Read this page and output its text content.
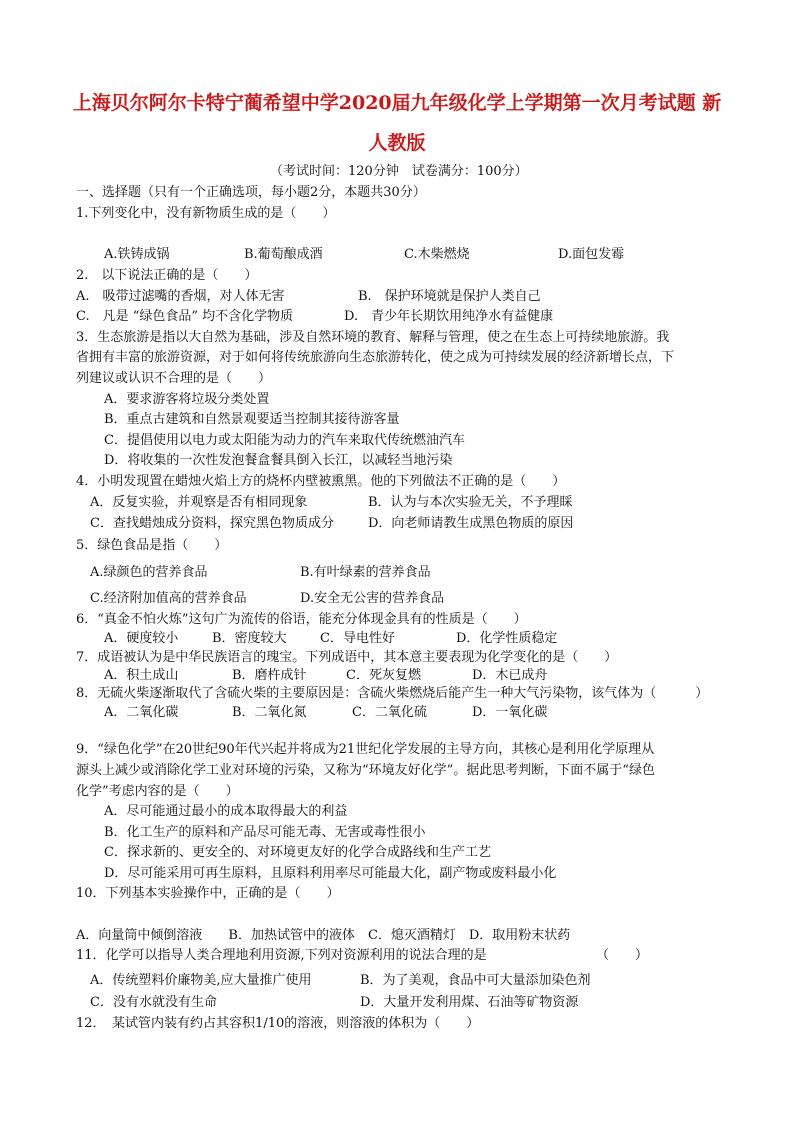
上海贝尔阿尔卡特宁蔺希望中学2020届九年级化学上学期第一次月考试题 新
人教版
（考试时间：120分钟　试卷满分：100分）
一、选择题（只有一个正确选项，每小题2分，本题共30分）
1.下列变化中，没有新物质生成的是（　　）
A.铁铸成锅	B.葡萄酿成酒	C.木柴燃烧	D.面包发霉
2.　以下说法正确的是（　　）
A.　吸带过滤嘴的香烟，对人体无害	B.　保护环境就是保护人类自己
C.　凡是 “绿色食品” 均不含化学物质	D.　青少年长期饮用纯净水有益健康
3．生态旅游是指以大自然为基础，涉及自然环境的教育、解释与管理，使之在生态上可持续地旅游。我
省拥有丰富的旅游资源，对于如何将传统旅游向生态旅游转化，使之成为可持续发展的经济新增长点，下
列建议或认识不合理的是（　　）
A．要求游客将垃圾分类处置
B．重点古建筑和自然景观要适当控制其接待游客量
C．提倡使用以电力或太阳能为动力的汽车来取代传统燃油汽车
D．将收集的一次性发泡餐盒餐具倒入长江，以减轻当地污染
4．小明发现置在蜡烛火焰上方的烧杯内壁被熏黑。他的下列做法不正确的是（　　）
A．反复实验，并观察是否有相同现象	B．认为与本次实验无关，不予理睬
C．查找蜡烛成分资料，探究黑色物质成分	D．向老师请教生成黑色物质的原因
5．绿色食品是指（　　）
A.绿颜色的营养食品	B.有叶绿素的营养食品
C.经济附加值高的营养食品	D.安全无公害的营养食品
6．“真金不怕火炼”这句广为流传的俗语，能充分体现金具有的性质是（　　）
A．硬度较小	B．密度较大	C．导电性好	D．化学性质稳定
7．成语被认为是中华民族语言的瑰宝。下列成语中，其本意主要表现为化学变化的是（　　）
A．积土成山	B．磨杵成针	C．死灰复燃	D．木已成舟
8．无硫火柴逐渐取代了含硫火柴的主要原因是：含硫火柴燃烧后能产生一种大气污染物，该气体为（　　　）
A．二氧化碳	B．二氧化氮	C．二氧化硫	D．一氧化碳
9．“绿色化学”在20世纪90年代兴起并将成为21世纪化学发展的主导方向，其核心是利用化学原理从
源头上减少或消除化学工业对环境的污染，又称为“环境友好化学”。据此思考判断，下面不属于“绿色
化学”考虑内容的是（　　）
A．尽可能通过最小的成本取得最大的利益
B．化工生产的原料和产品尽可能无毒、无害或毒性很小
C．探求新的、更安全的、对环境更友好的化学合成路线和生产工艺
D．尽可能采用可再生原料，且原料利用率尽可能最大化，副产物或废料最小化
10．下列基本实验操作中，正确的是（　　）
A．向量筒中倾倒溶液　　B．加热试管中的液体　C．熄灭酒精灯　D．取用粉末状药
11．化学可以指导人类合理地利用资源,下列对资源利用的说法合理的是	（　　）
A．传统塑料价廉物美,应大量推广使用	B．为了美观，食品中可大量添加染色剂
C．没有水就没有生命	D．大量开发利用煤、石油等矿物资源
12．　某试管内装有约占其容积1/10的溶液，则溶液的体积为（　　）
